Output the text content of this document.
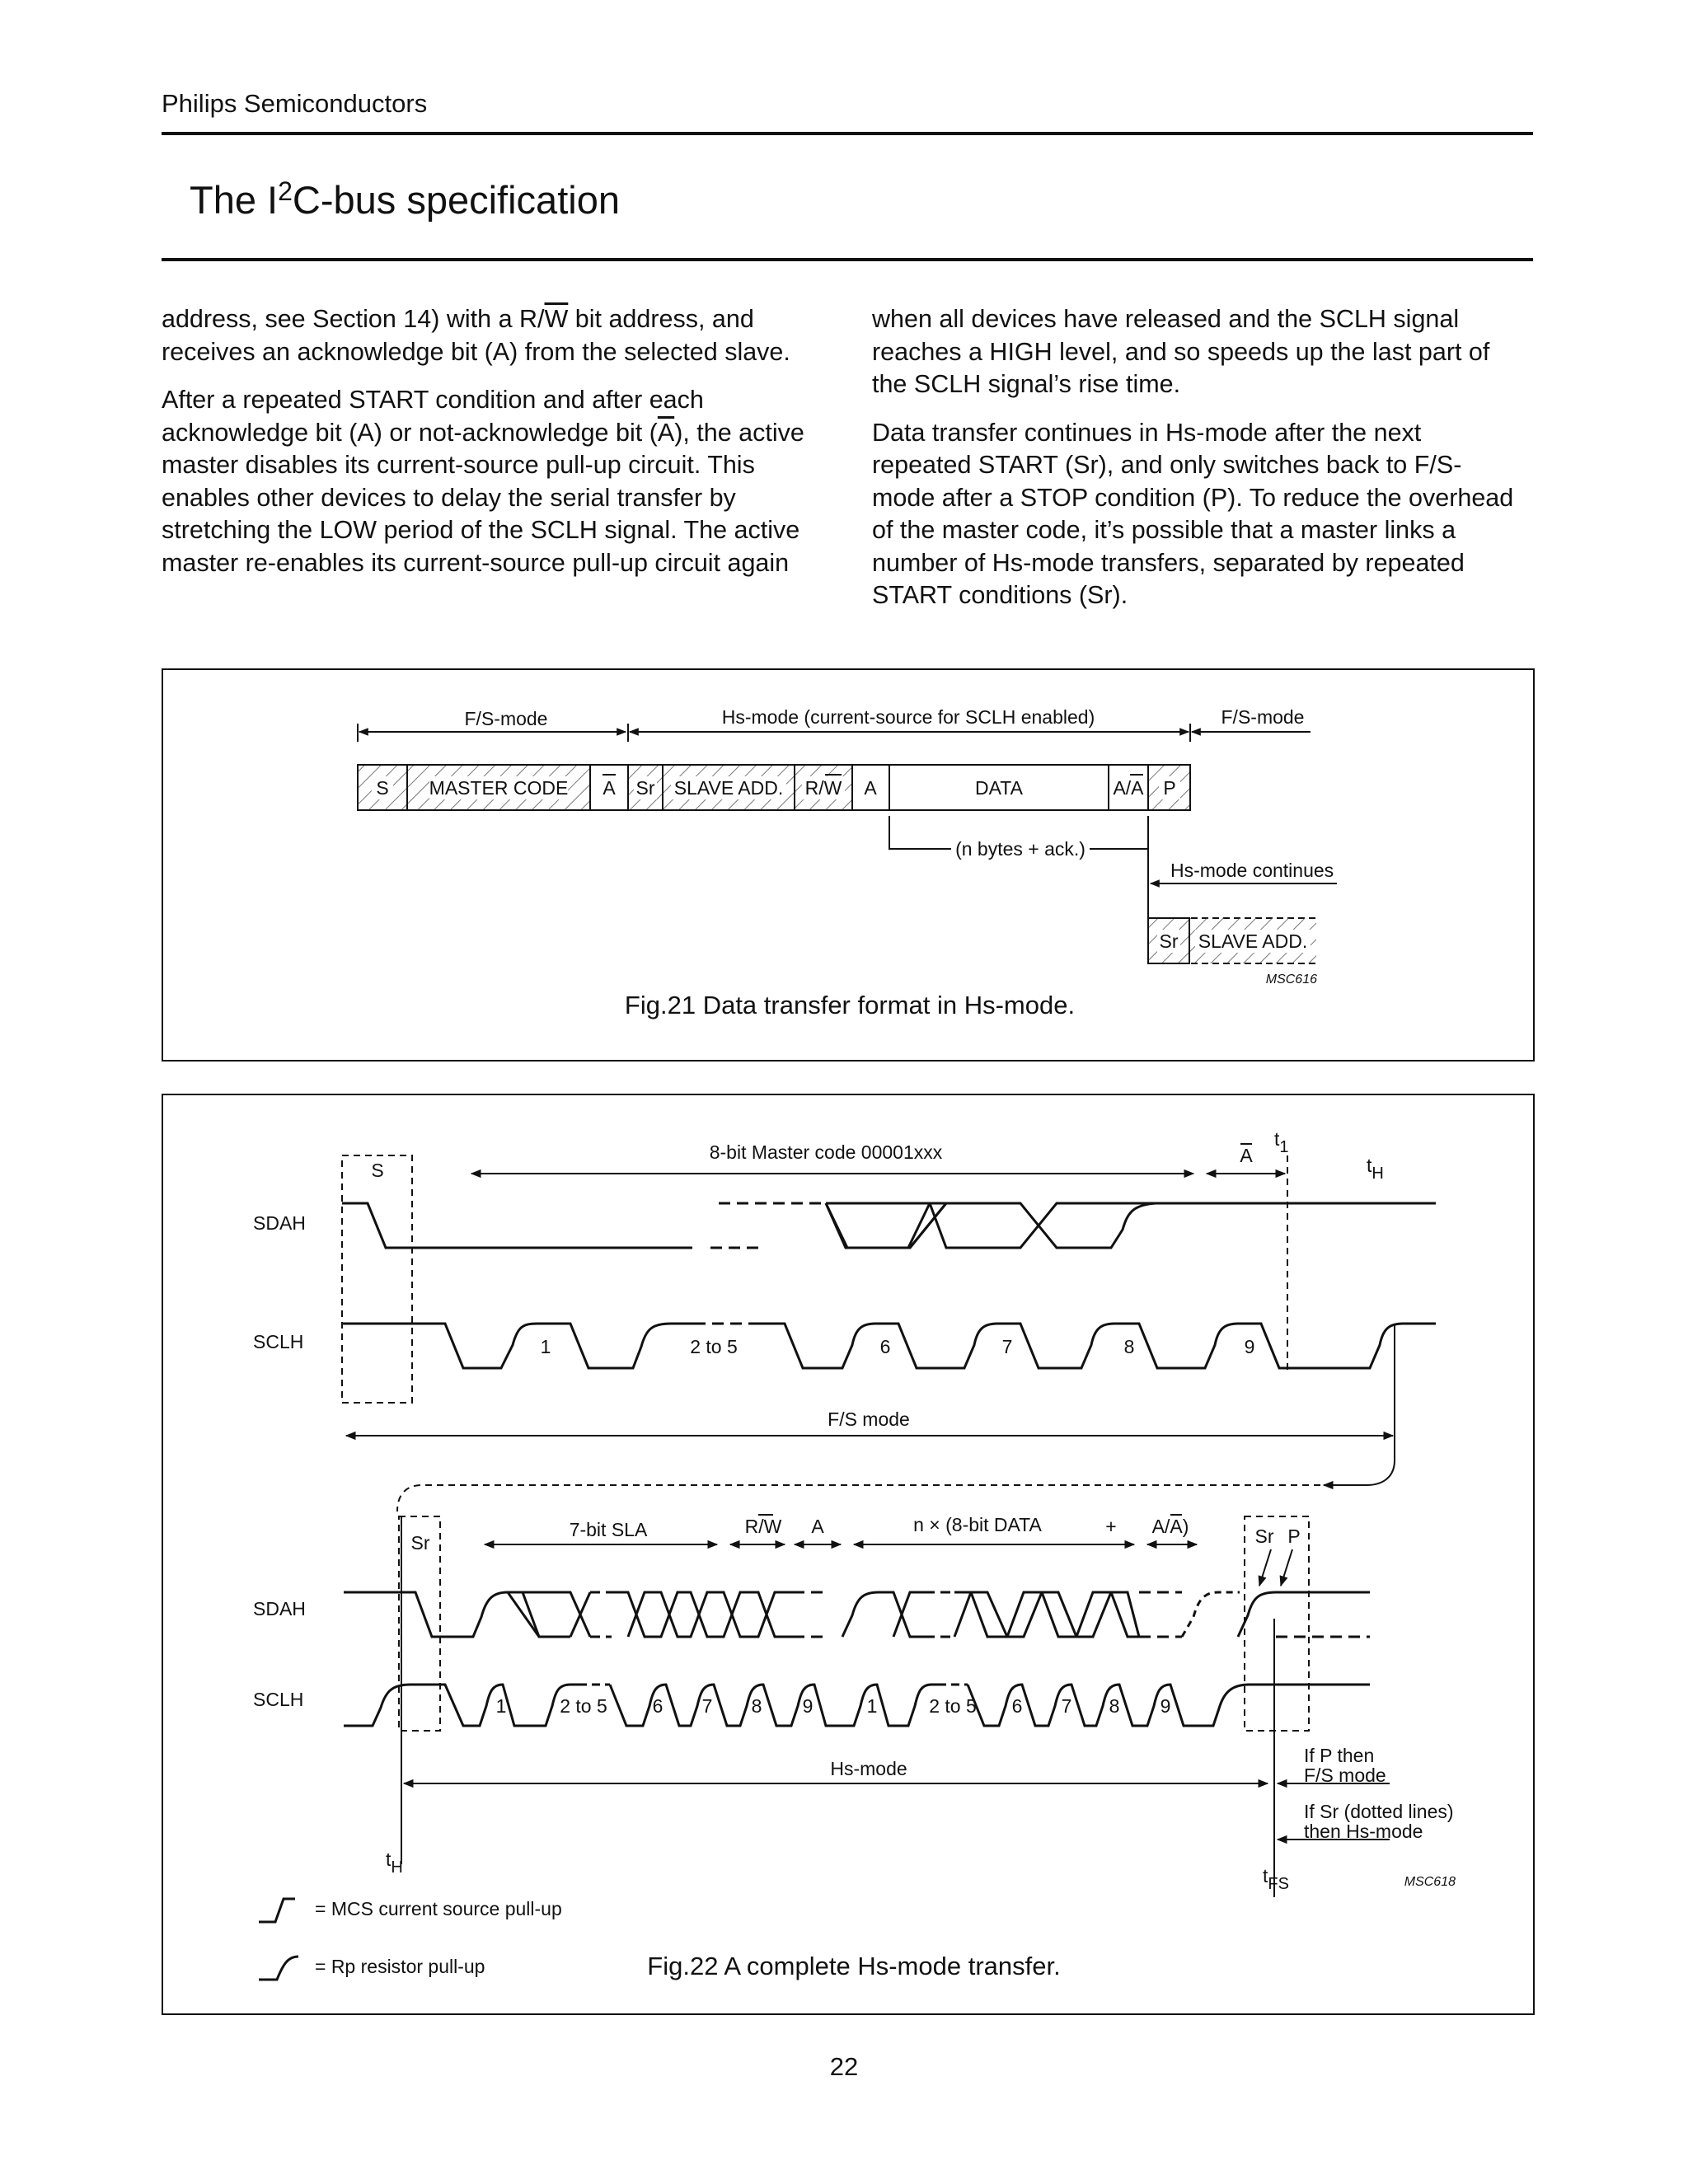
Philips Semiconductors
The $I^2C$-bus specification

address, see Section 14) with a $R/\overline{W}$ bit address, and receives an acknowledge bit (A) from the selected slave.

After a repeated START condition and after each acknowledge bit (A) or not-acknowledge bit $(\overline{A})$, the active master disables its current-source pull-up circuit. This enables other devices to delay the serial transfer by stretching the LOW period of the SCLH signal. The active master re-enables its current-source pull-up circuit again

when all devices have released and the SCLH signal reaches a HIGH level, and so speeds up the last part of the SCLH signal’s rise time.

Data transfer continues in Hs-mode after the next repeated START (Sr), and only switches back to F/S-mode after a STOP condition (P). To reduce the overhead of the master code, it’s possible that a master links a number of Hs-mode transfers, separated by repeated START conditions (Sr).

F/S-mode	Hs-mode (current-source for SCLH enabled)	F/S-mode
S MASTER CODE A Sr SLAVE ADD. R/W A	DATA	A/A P
(n bytes + ack.)
Hs-mode continues
Sr SLAVE ADD.
MSC616
Fig.21 Data transfer format in Hs-mode.
S
8-bit Master code 00001xxx	A
t1
tH
SDAH
SCLH	1	2 to 5	6	7	8	9
F/S mode
Sr
7-bit SLA	R/W A	n × (8-bit DATA	+ A/A)	Sr P
SDAH
SCLH	1	2 to 5 6 7 8 9	1	2 to 5 6 7 8 9
Hs-mode
If P then
F/S mode
If Sr (dotted lines)
then Hs-mode
tH	tFS
= MCS current source pull-up
= Rp resistor pull-up
MSC618
Fig.22 A complete Hs-mode transfer.
22
